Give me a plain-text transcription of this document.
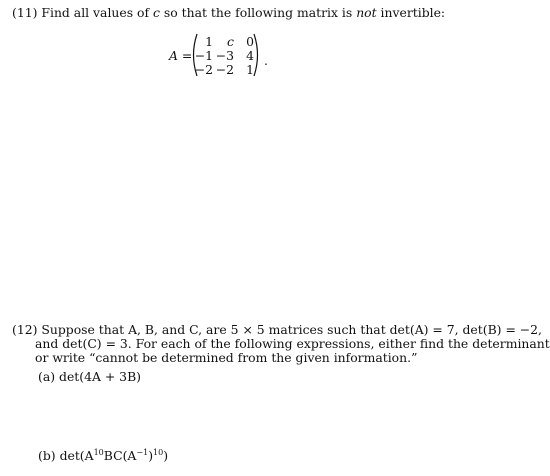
(11) Find all values of c so that the following matrix is not invertible:
A =
1	c 0
−1 −3 4
−2 −2 1
.
(12) Suppose that A, B, and C, are 5 × 5 matrices such that det(A) = 7, det(B) = −2,
and det(C) = 3. For each of the following expressions, either find the determinant
or write “cannot be determined from the given information.”
(a) det(4A + 3B)
(b) $\det(A^{10}BC(A^{-1})^{10})$
